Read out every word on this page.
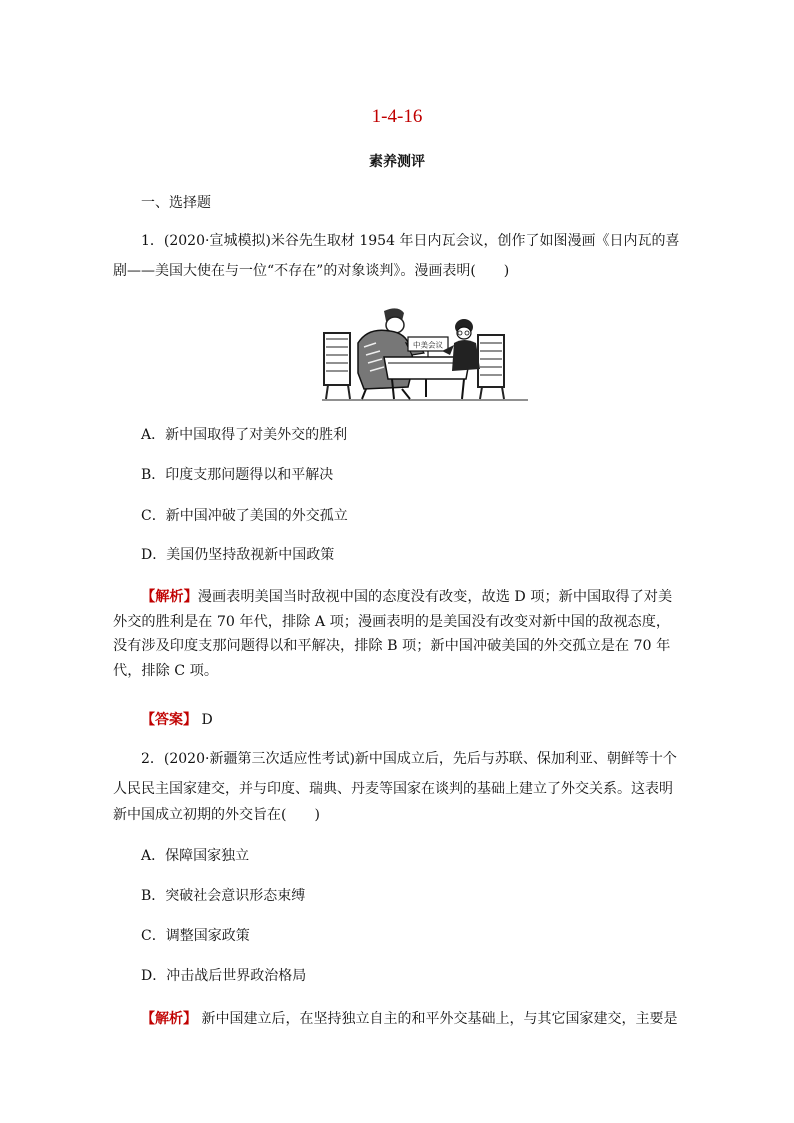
1-4-16
素养测评
一、选择题
1．(2020·宣城模拟)米谷先生取材 1954 年日内瓦会议，创作了如图漫画《日内瓦的喜
剧——美国大使在与一位“不存在”的对象谈判》。漫画表明(　　)
中美会议
A．新中国取得了对美外交的胜利
B．印度支那问题得以和平解决
C．新中国冲破了美国的外交孤立
D．美国仍坚持敌视新中国政策
【解析】漫画表明美国当时敌视中国的态度没有改变，故选 D 项；新中国取得了对美外交的胜利是在 70 年代，排除 A 项；漫画表明的是美国没有改变对新中国的敌视态度，没有涉及印度支那问题得以和平解决，排除 B 项；新中国冲破美国的外交孤立是在 70 年代，排除 C 项。
【答案】 D
2．(2020·新疆第三次适应性考试)新中国成立后，先后与苏联、保加利亚、朝鲜等十个
人民民主国家建交，并与印度、瑞典、丹麦等国家在谈判的基础上建立了外交关系。这表明
新中国成立初期的外交旨在(　　)
A．保障国家独立
B．突破社会意识形态束缚
C．调整国家政策
D．冲击战后世界政治格局
【解析】 新中国建立后，在坚持独立自主的和平外交基础上，与其它国家建交，主要是
